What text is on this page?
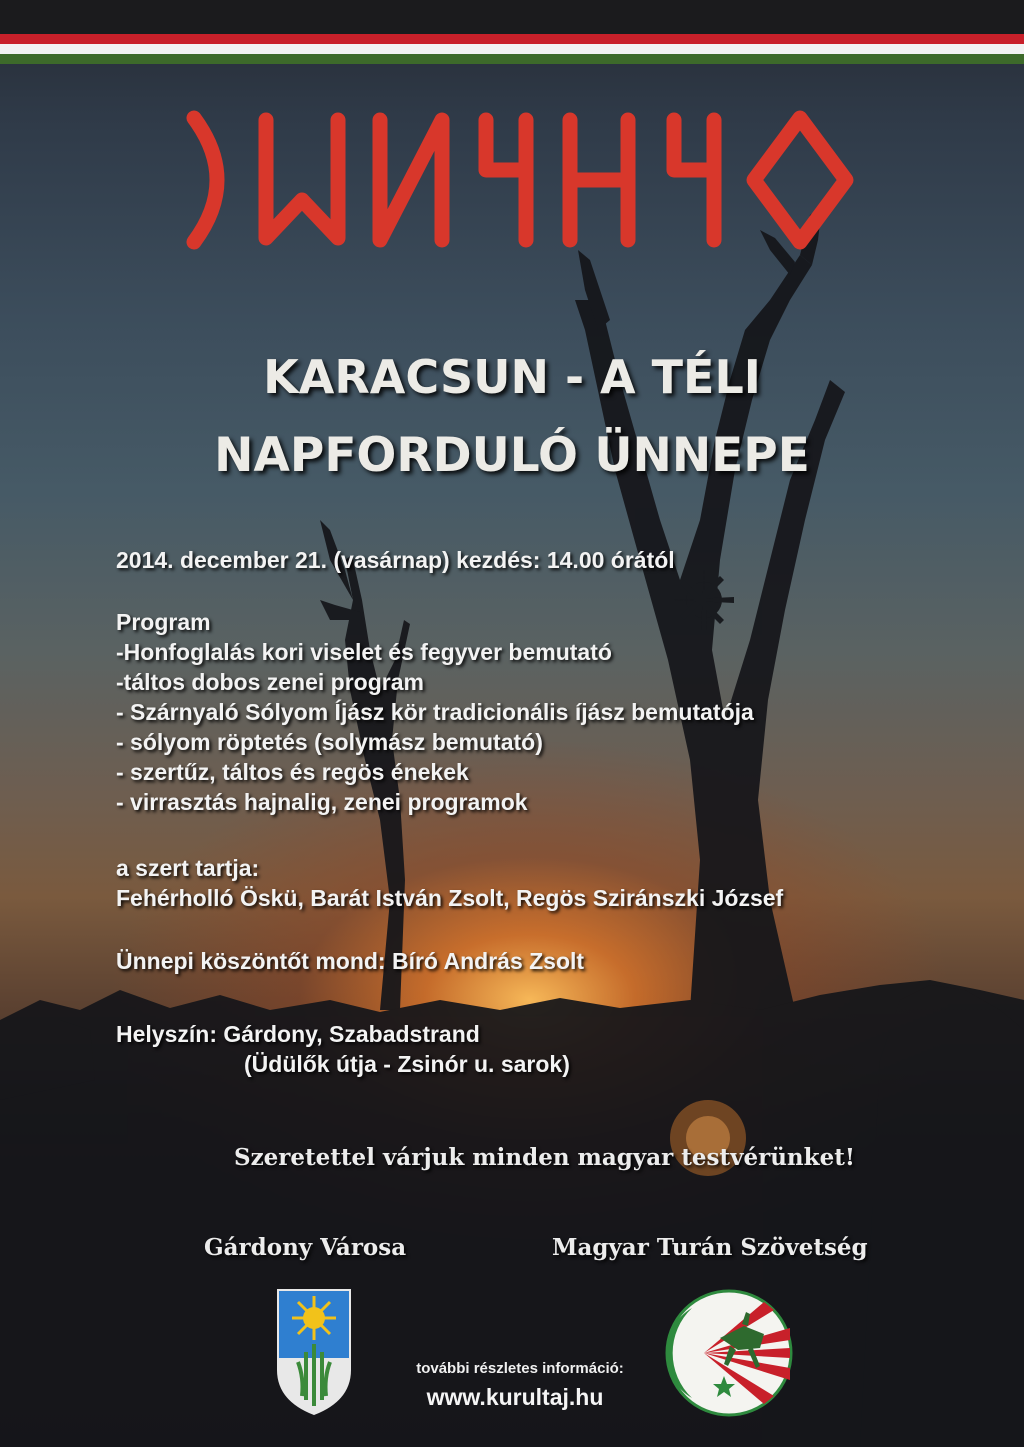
KARACSUN - A TÉLI
NAPFORDULÓ ÜNNEPE
2014. december 21. (vasárnap) kezdés: 14.00 órától
Program
-Honfoglalás kori viselet és fegyver bemutató
-táltos dobos zenei program
- Szárnyaló Sólyom Íjász kör tradicionális íjász bemutatója
- sólyom röptetés (solymász bemutató)
- szertűz, táltos és regös énekek
- virrasztás hajnalig, zenei programok
a szert tartja:
Fehérholló Öskü, Barát István Zsolt, Regös Sziránszki József
Ünnepi köszöntőt mond: Bíró András Zsolt
Helyszín: Gárdony, Szabadstrand
(Üdülők útja - Zsinór u. sarok)
Szeretettel várjuk minden magyar testvérünket!
Gárdony Városa	Magyar Turán Szövetség
további részletes információ:
www.kurultaj.hu
